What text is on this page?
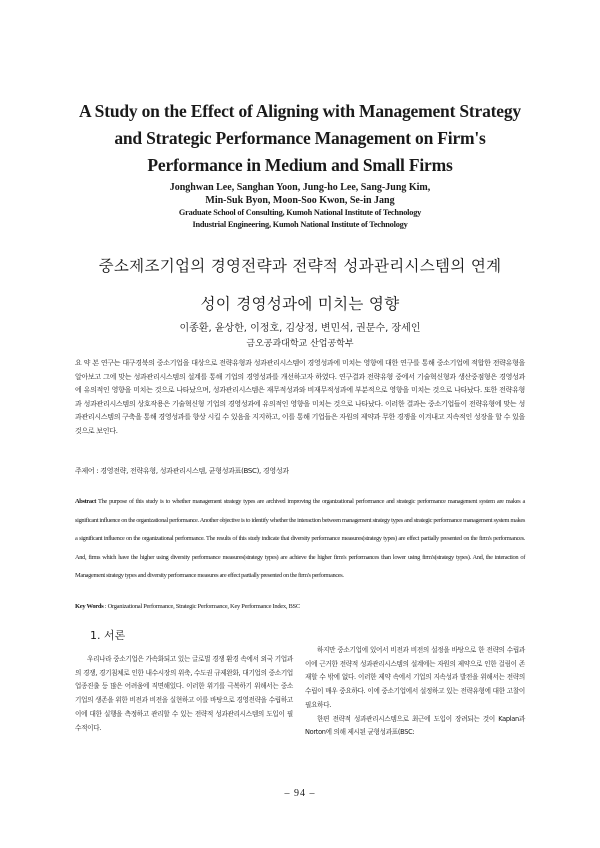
A Study on the Effect of Aligning with Management Strategy
and Strategic Performance Management on Firm's
Performance in Medium and Small Firms
Jonghwan Lee, Sanghan Yoon, Jung-ho Lee, Sang-Jung Kim,
Min-Suk Byon, Moon-Soo Kwon, Se-in Jang
Graduate School of Consulting, Kumoh National Institute of Technology
Industrial Engineering, Kumoh National Institute of Technology
중소제조기업의 경영전략과 전략적 성과관리시스템의 연계
성이 경영성과에 미치는 영향
이종환, 윤상한, 이정호, 김상정, 변민석, 권문수, 장세인
금오공과대학교 산업공학부

요 약 본 연구는 대구경북의 중소기업을 대상으로 전략유형과 성과관리시스템이 경영성과에 미치는 영향에 대한 연구를 통해 중소기업에 적합한 전략유형을 알아보고 그에 맞는 성과관리시스템의 설계를 통해 기업의 경영성과를 개선하고자 하였다. 연구결과 전략유형 중에서 기술혁신형과 생산중점형은 경영성과에 유의적인 영향을 미치는 것으로 나타났으며, 성과관리시스템은 재무적성과와 비재무적성과에 부분적으로 영향을 미치는 것으로 나타났다. 또한 전략유형과 성과관리시스템의 상호작용은 기술혁신형 기업의 경영성과에 유의적인 영향을 미치는 것으로 나타났다. 이러한 결과는 중소기업들이 전략유형에 맞는 성과관리시스템의 구축을 통해 경영성과를 향상 시킬 수 있음을 지지하고, 이를 통해 기업들은 자원의 제약과 무한 경쟁을 이겨내고 지속적인 성장을 할 수 있을 것으로 보인다.

주제어 : 경영전략, 전략유형, 성과관리시스템, 균형성과표(BSC), 경영성과

Abstract The purpose of this study is to whether management strategy types are archived improving the organizational performance and strategic performance management system are makes a significant influence on the organizational performance. Another objective is to identify whether the interaction between management strategy types and strategic performance management system makes a significant influence on the organizational performance. The results of this study indicate that diversity performance measures(strategy types) are effect partially presented on the firm's performances. And, firms which have the higher using diversity performance measures(strategy types) are achieve the higher firm's performances than lower using firm's(strategy types). And, the interaction of Management strategy types and diversity performance measures are effect partially presented on the firm's performances.

Key Words : Organizational Performance, Strategic Performance, Key Performance Index, BSC

1. 서론

우리나라 중소기업은 가속화되고 있는 글로벌 경쟁 환경 속에서 외국 기업과의 경쟁, 경기침체로 인한 내수시장의 위축, 수도권 규제완화, 대기업의 중소기업 업종진출 등 많은 어려움에 직면해있다. 이러한 위기를 극복하기 위해서는 중소기업의 생존을 위한 비전과 비전을 실현하고 이를 바탕으로 경영전략을 수립하고 이에 대한 실행을 측정하고 관리할 수 있는 전략적 성과관리시스템의 도입이 필수적이다.

하지만 중소기업에 있어서 비전과 비전의 설정을 바탕으로 한 전략의 수립과 이에 근거한 전략적 성과관리시스템의 설계에는 자원의 제약으로 인한 걸림이 존재할 수 밖에 없다. 이러한 제약 속에서 기업의 지속성과 발전을 위해서는 전략의 수립이 매우 중요하다. 이에 중소기업에서 설정하고 있는 전략유형에 대한 고찰이 필요하다.

한편 전략적 성과관리시스템으로 최근에 도입이 장려되는 것이 Kaplan과 Norton에 의해 제시된 균형성과표(BSC:

– 94 –
